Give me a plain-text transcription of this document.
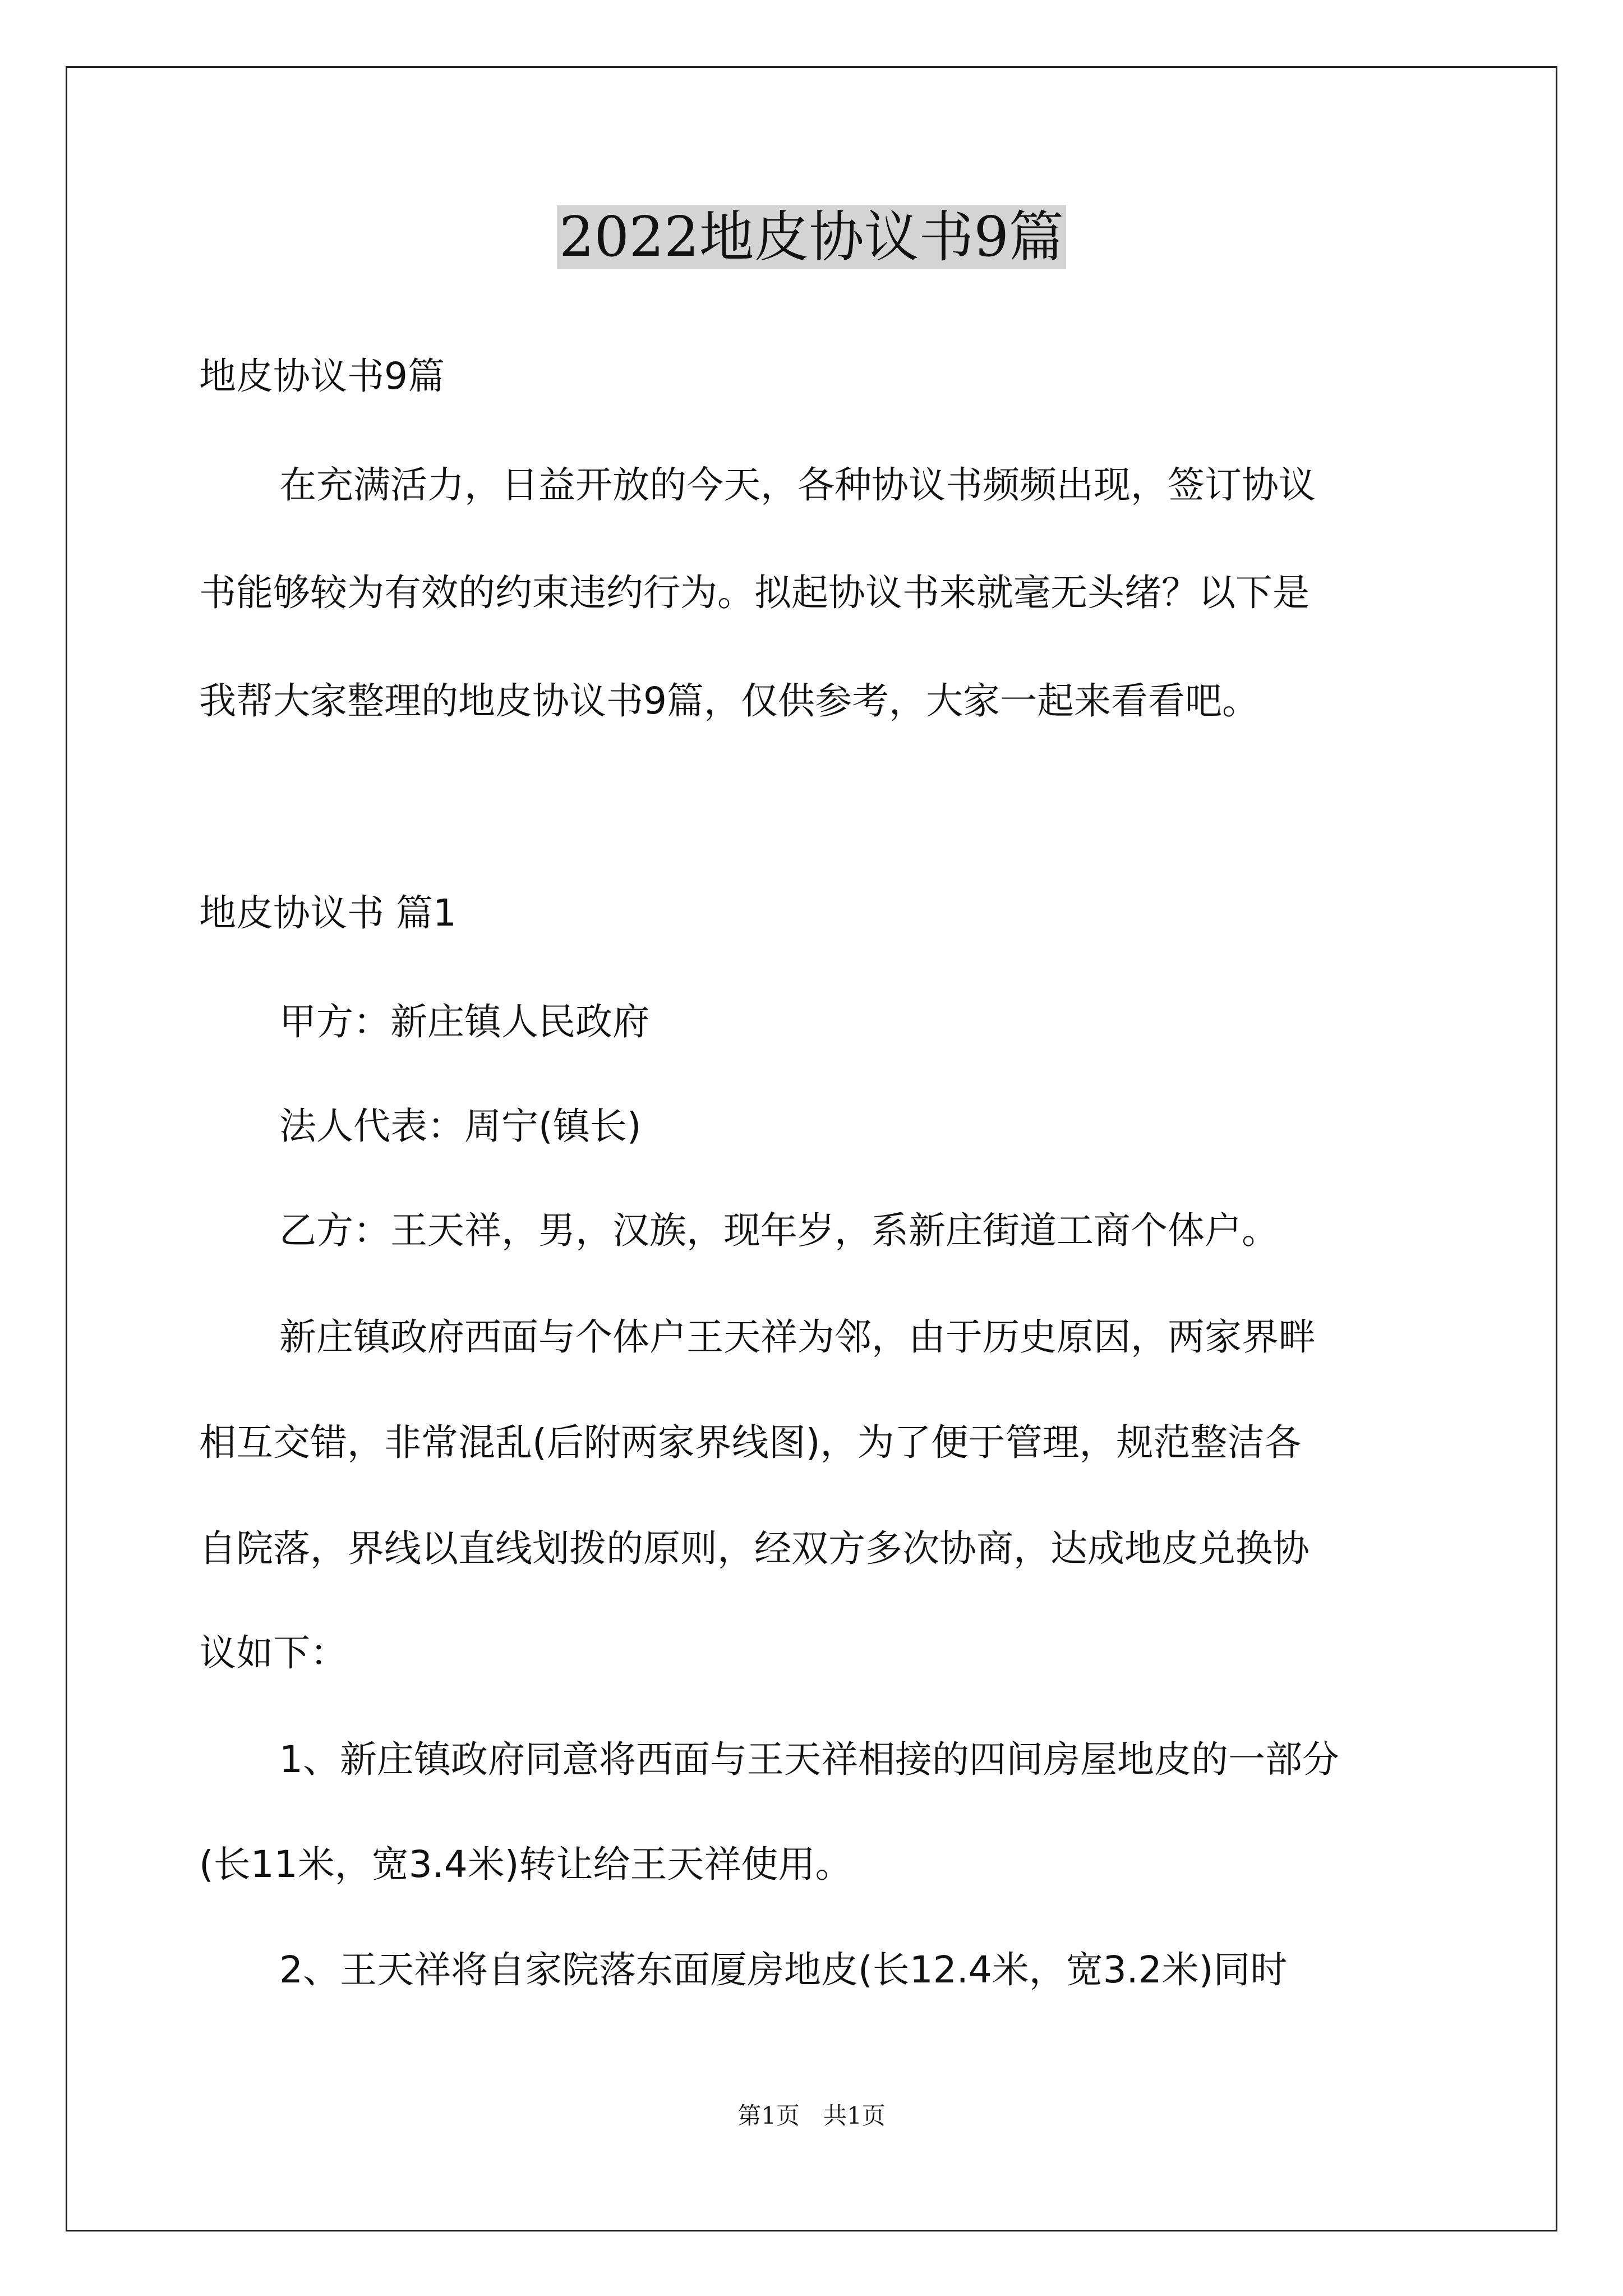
2022地皮协议书9篇
地皮协议书9篇
在充满活力，日益开放的今天，各种协议书频频出现，签订协议
书能够较为有效的约束违约行为。拟起协议书来就毫无头绪？以下是
我帮大家整理的地皮协议书9篇，仅供参考，大家一起来看看吧。
地皮协议书 篇1
甲方：新庄镇人民政府
法人代表：周宁(镇长)
乙方：王天祥，男，汉族，现年岁，系新庄街道工商个体户。
新庄镇政府西面与个体户王天祥为邻，由于历史原因，两家界畔
相互交错，非常混乱(后附两家界线图)，为了便于管理，规范整洁各
自院落，界线以直线划拨的原则，经双方多次协商，达成地皮兑换协
议如下：
1、新庄镇政府同意将西面与王天祥相接的四间房屋地皮的一部分
(长11米，宽3.4米)转让给王天祥使用。
2、王天祥将自家院落东面厦房地皮(长12.4米，宽3.2米)同时
第1页　共1页
